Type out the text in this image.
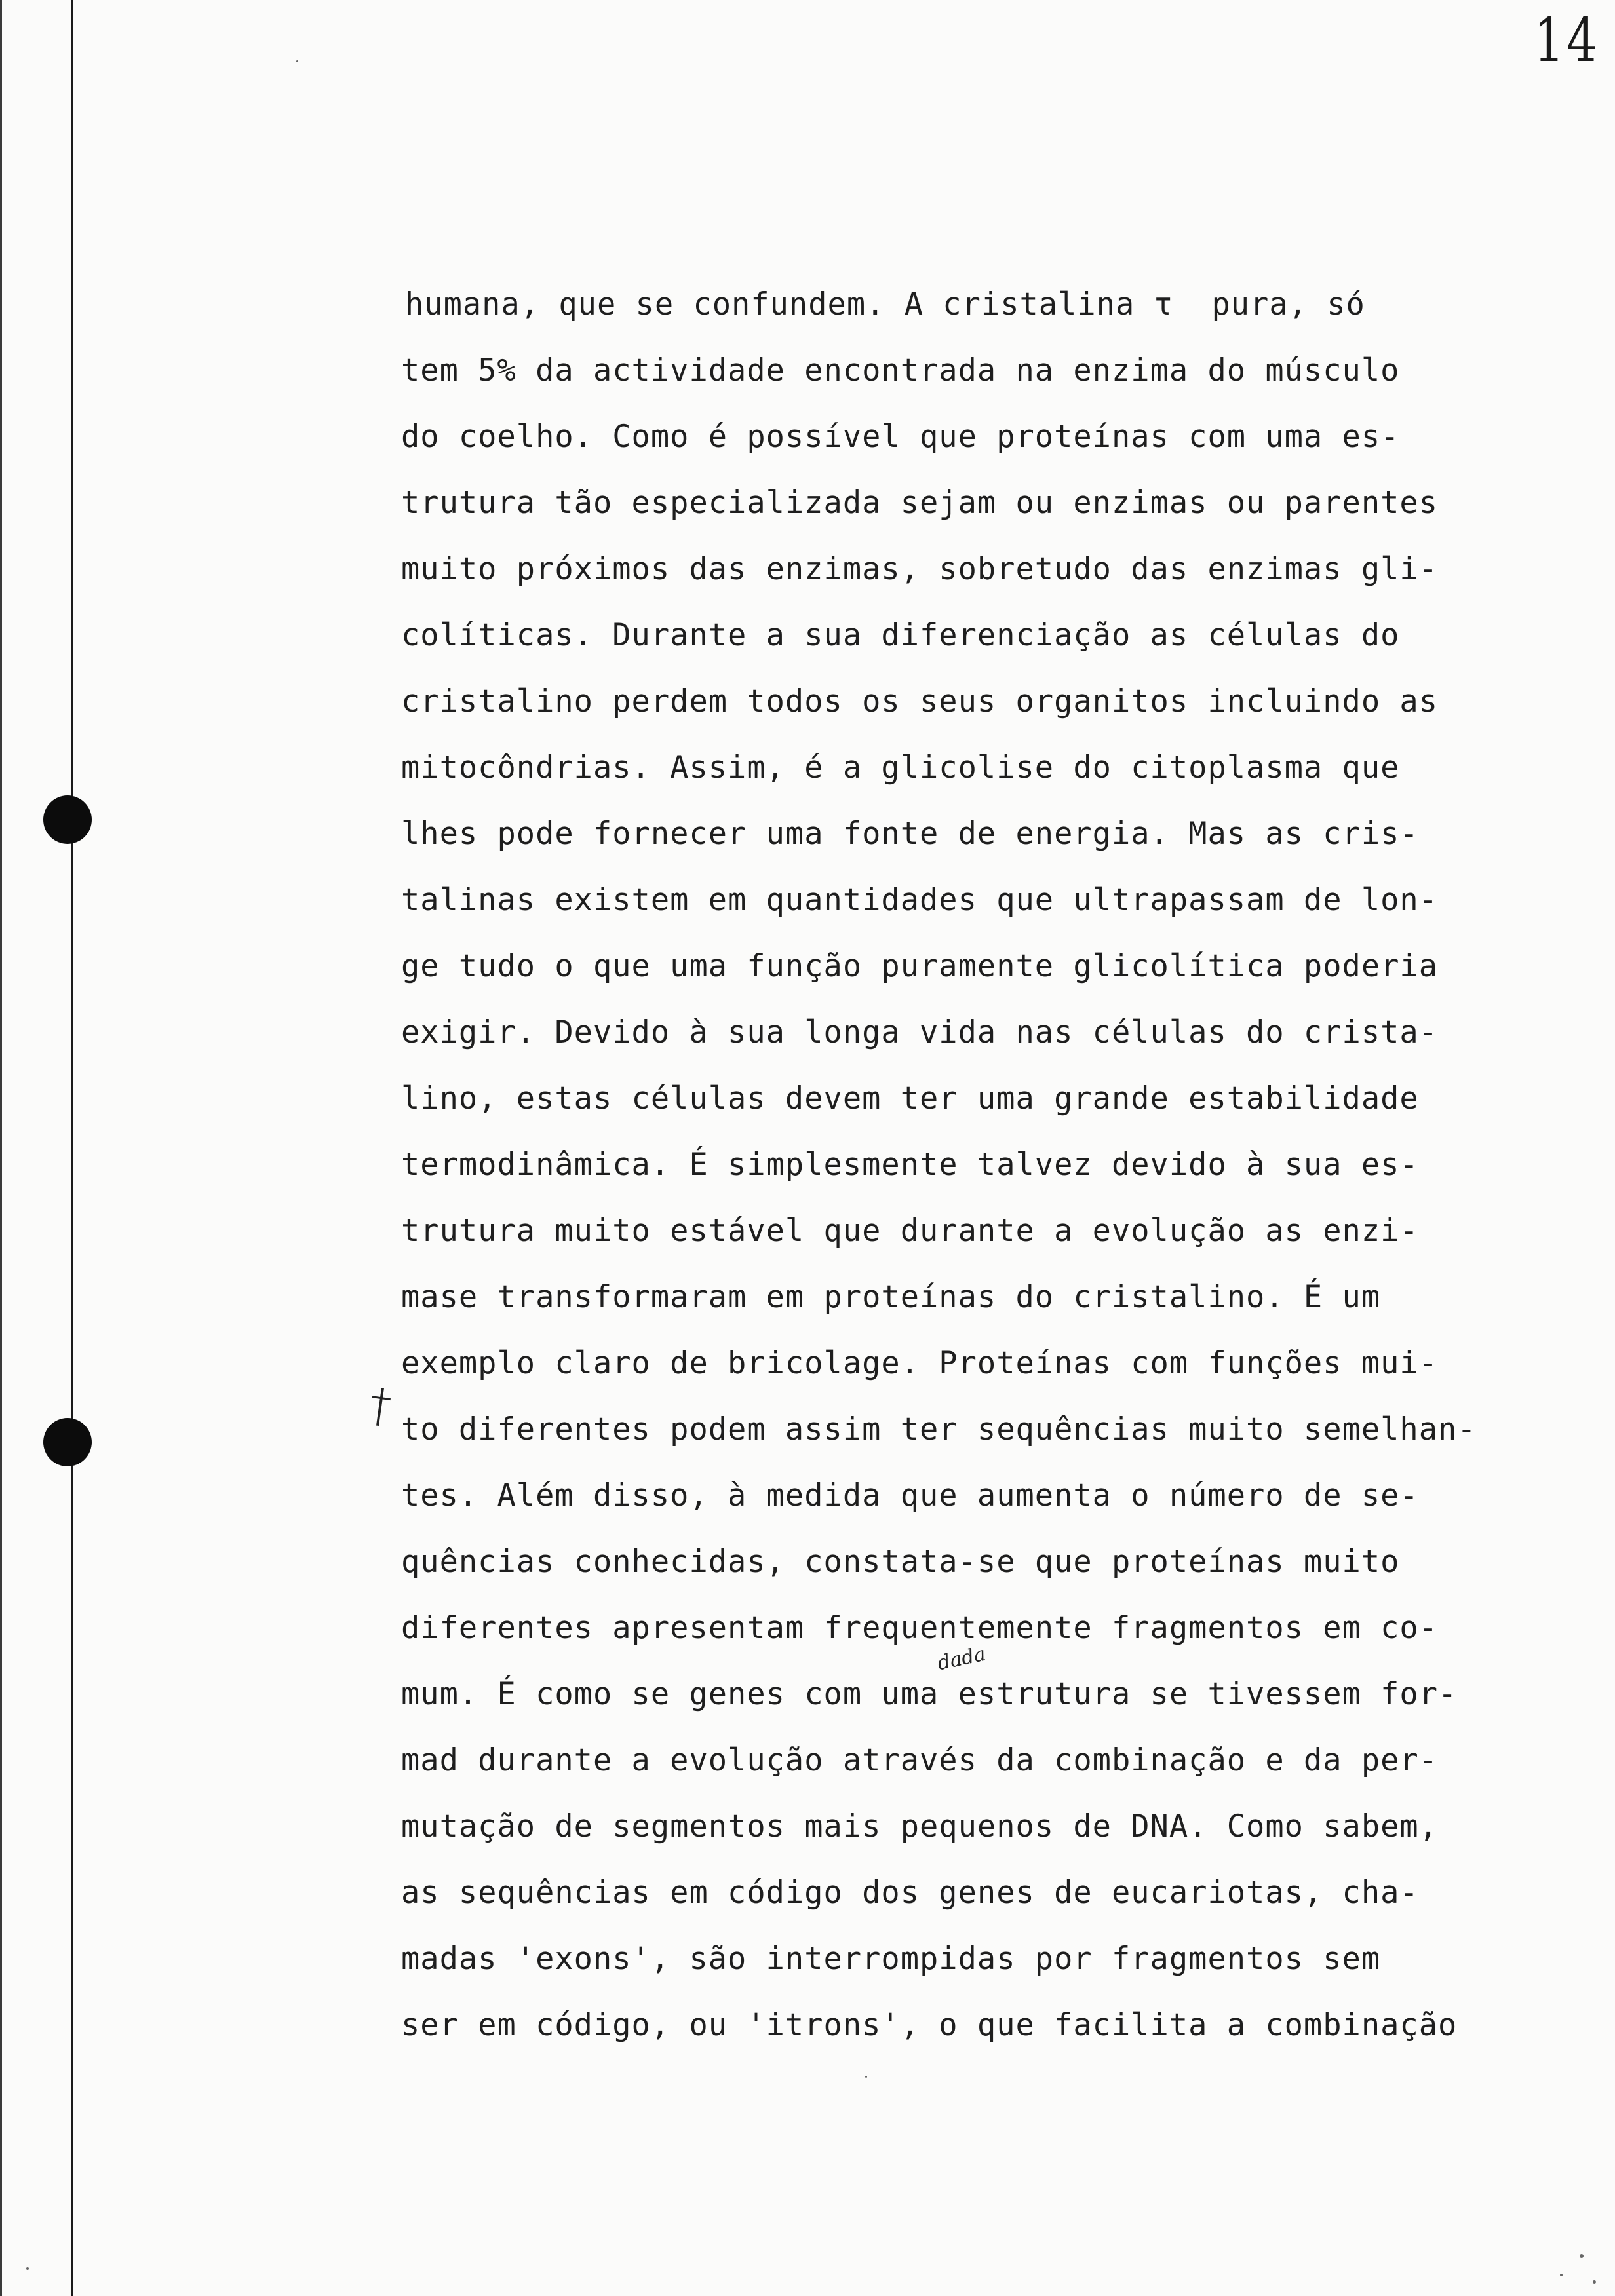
14
humana, que se confundem. A cristalina τ  pura, só
tem 5% da actividade encontrada na enzima do músculo
do coelho. Como é possível que proteínas com uma es-
trutura tão especializada sejam ou enzimas ou parentes
muito próximos das enzimas, sobretudo das enzimas gli-
colíticas. Durante a sua diferenciação as células do
cristalino perdem todos os seus organitos incluindo as
mitocôndrias. Assim, é a glicolise do citoplasma que
lhes pode fornecer uma fonte de energia. Mas as cris-
talinas existem em quantidades que ultrapassam de lon-
ge tudo o que uma função puramente glicolítica poderia
exigir. Devido à sua longa vida nas células do crista-
lino, estas células devem ter uma grande estabilidade
termodinâmica. É simplesmente talvez devido à sua es-
trutura muito estável que durante a evolução as enzi-
mase transformaram em proteínas do cristalino. É um
exemplo claro de bricolage. Proteínas com funções mui-
to diferentes podem assim ter sequências muito semelhan-
tes. Além disso, à medida que aumenta o número de se-
quências conhecidas, constata-se que proteínas muito
diferentes apresentam frequentemente fragmentos em co-
mum. É como se genes com uma estrutura se tivessem for-
mad durante a evolução através da combinação e da per-
mutação de segmentos mais pequenos de DNA. Como sabem,
as sequências em código dos genes de eucariotas, cha-
madas 'exons', são interrompidas por fragmentos sem
ser em código, ou 'itrons', o que facilita a combinação
dada
